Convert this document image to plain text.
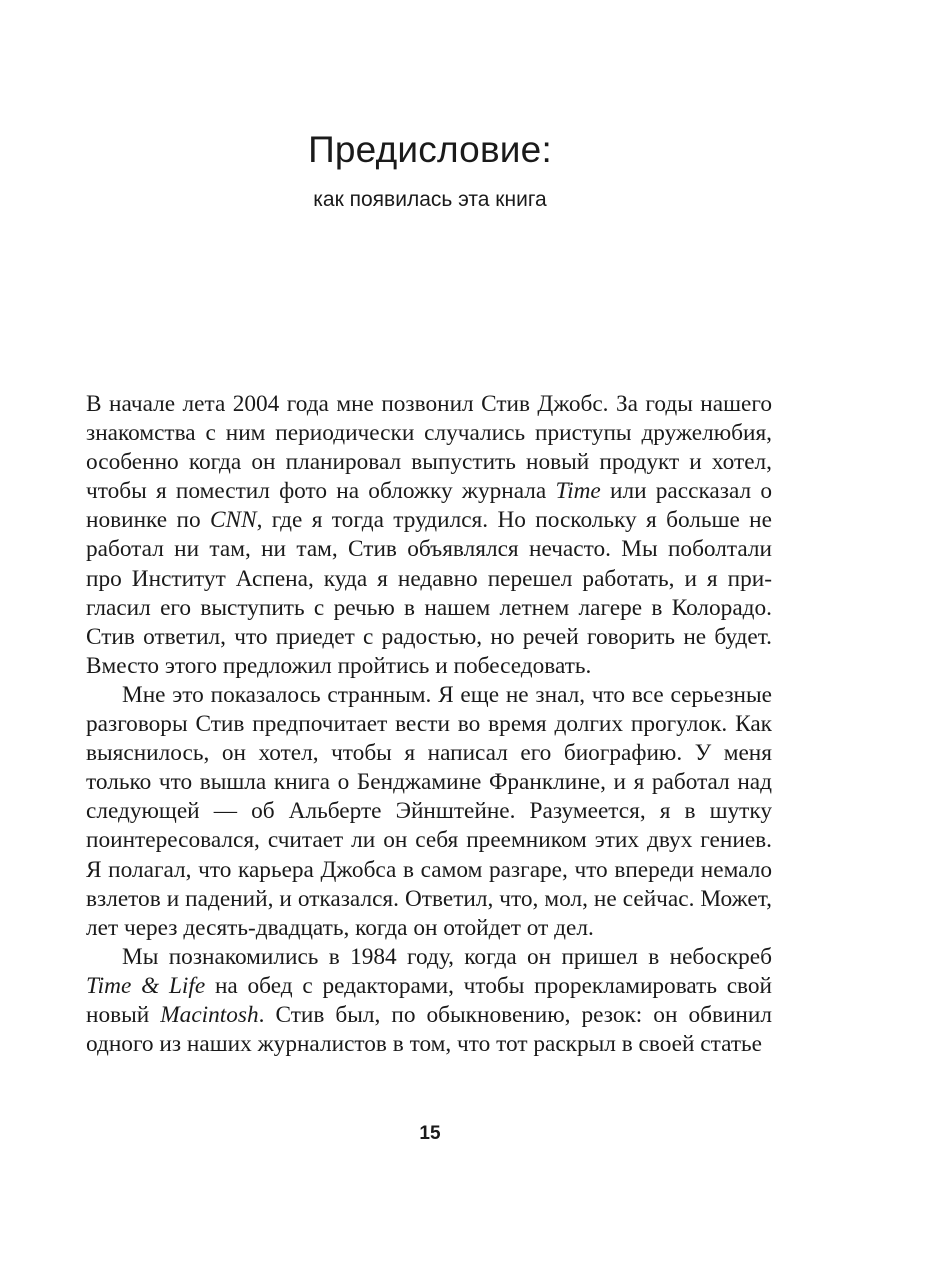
Предисловие:
как появилась эта книга

В начале лета 2004 года мне позвонил Стив Джобс. За годы нашего знакомства с ним периодически случались приступы дружелюбия, особенно когда он планировал выпустить новый продукт и хотел, чтобы я поместил фото на обложку журнала Time или рассказал о новинке по CNN, где я тогда трудился. Но поскольку я больше не работал ни там, ни там, Стив объявлялся нечасто. Мы поболтали про Институт Аспена, куда я недавно перешел работать, и я пригласил его выступить с речью в нашем летнем лагере в Колорадо. Стив ответил, что приедет с радостью, но речей говорить не будет. Вместо этого предложил пройтись и побеседовать.

Мне это показалось странным. Я еще не знал, что все серьезные разговоры Стив предпочитает вести во время долгих прогулок. Как выяснилось, он хотел, чтобы я написал его биографию. У меня только что вышла книга о Бенджамине Франклине, и я работал над следующей — об Альберте Эйнштейне. Разумеется, я в шутку поинтересовался, считает ли он себя преемником этих двух гениев. Я полагал, что карьера Джобса в самом разгаре, что впереди немало взлетов и падений, и отказался. Ответил, что, мол, не сейчас. Может, лет через десять-двадцать, когда он отойдет от дел.

Мы познакомились в 1984 году, когда он пришел в небоскреб Time & Life на обед с редакторами, чтобы прорекламировать свой новый Macintosh. Стив был, по обыкновению, резок: он обвинил одного из наших журналистов в том, что тот раскрыл в своей статье

15
